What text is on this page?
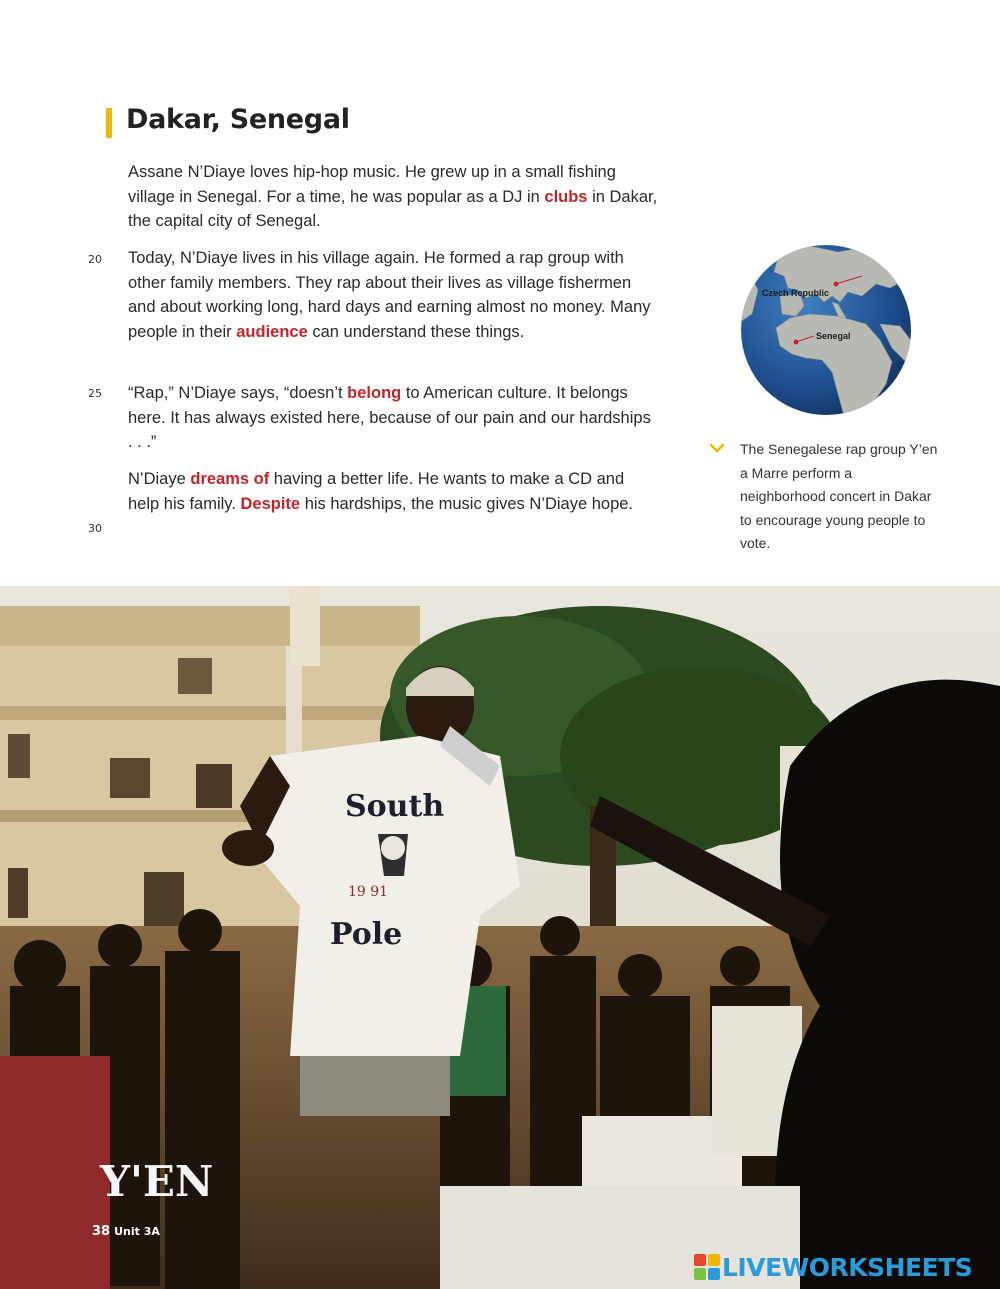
Dakar, Senegal

Assane N’Diaye loves hip-hop music. He grew up in a small fishing village in Senegal. For a time, he was popular as a DJ in clubs in Dakar, the capital city of Senegal.

Today, N’Diaye lives in his village again. He formed a rap group with other family members. They rap about their lives as village fishermen and about working long, hard days and earning almost no money. Many people in their audience can understand these things.

“Rap,” N’Diaye says, “doesn’t belong to American culture. It belongs here. It has always existed here, because of our pain and our hardships . . .”

N’Diaye dreams of having a better life. He wants to make a CD and help his family. Despite his hardships, the music gives N’Diaye hope.

20
25
30
Czech Republic
Senegal
The Senegalese rap group Y’en a Marre perform a neighborhood concert in Dakar to encourage young people to vote.
South
Pole
19 91
Y'EN
38 Unit 3A
LIVEWORKSHEETS
